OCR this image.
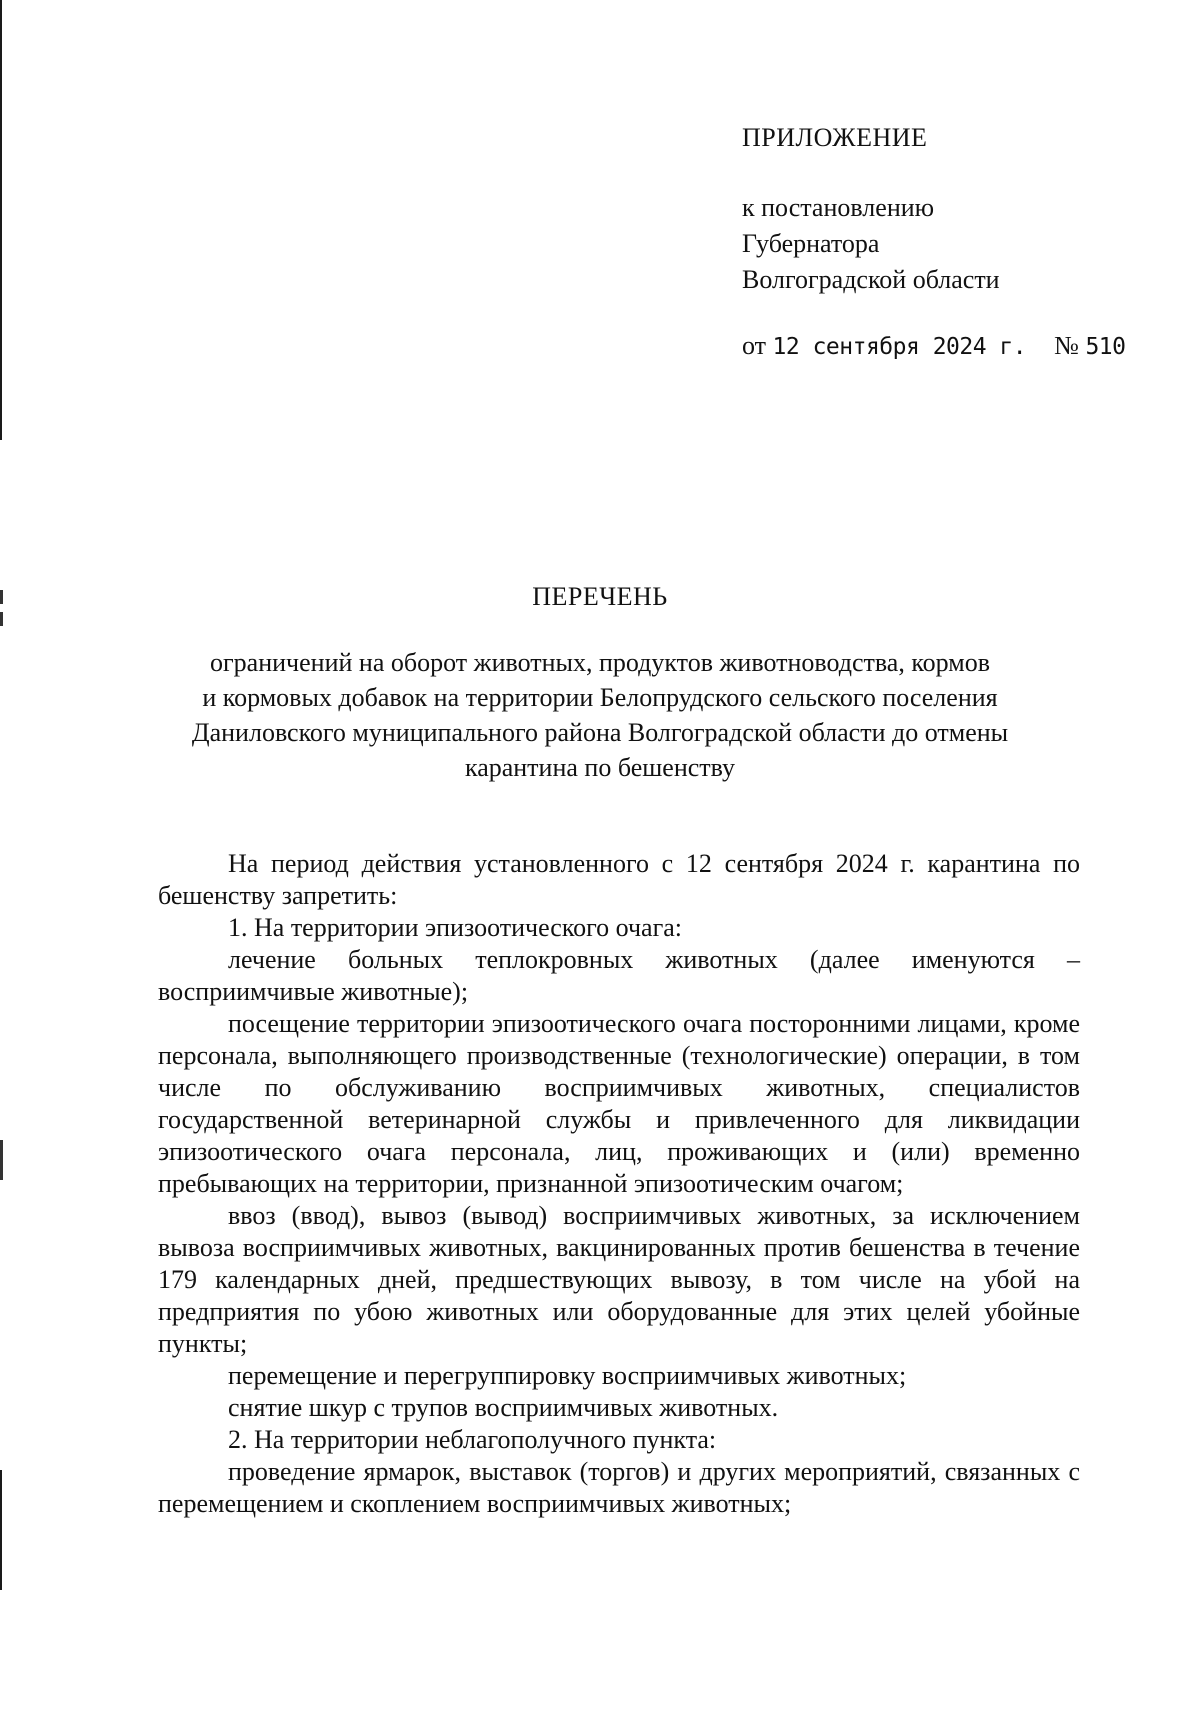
ПРИЛОЖЕНИЕ
к постановлению
Губернатора
Волгоградской области
от 12 сентября 2024 г. № 510
ПЕРЕЧЕНЬ
ограничений на оборот животных, продуктов животноводства, кормов
и кормовых добавок на территории Белопрудского сельского поселения
Даниловского муниципального района Волгоградской области до отмены
карантина по бешенству

На период действия установленного с 12 сентября 2024 г. карантина по бешенству запретить:

1. На территории эпизоотического очага:

лечение больных теплокровных животных (далее именуются – восприимчивые животные);

посещение территории эпизоотического очага посторонними лицами, кроме персонала, выполняющего производственные (технологические) операции, в том числе по обслуживанию восприимчивых животных, специалистов государственной ветеринарной службы и привлеченного для ликвидации эпизоотического очага персонала, лиц, проживающих и (или) временно пребывающих на территории, признанной эпизоотическим очагом;

ввоз (ввод), вывоз (вывод) восприимчивых животных, за исключением вывоза восприимчивых животных, вакцинированных против бешенства в течение 179 календарных дней, предшествующих вывозу, в том числе на убой на предприятия по убою животных или оборудованные для этих целей убойные пункты;

перемещение и перегруппировку восприимчивых животных;

снятие шкур с трупов восприимчивых животных.

2. На территории неблагополучного пункта:

проведение ярмарок, выставок (торгов) и других мероприятий, связанных с перемещением и скоплением восприимчивых животных;
